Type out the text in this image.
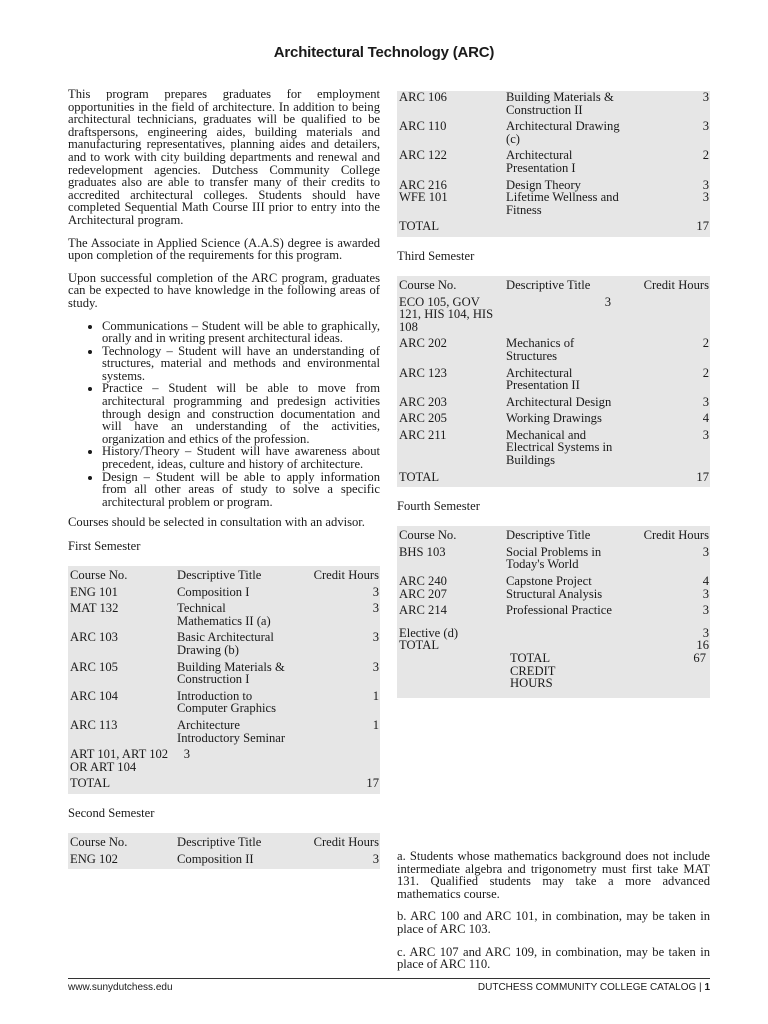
Architectural Technology (ARC)

This program prepares graduates for employment opportunities in the field of architecture. In addition to being architectural technicians, graduates will be qualified to be draftspersons, engineering aides, building materials and manufacturing representatives, planning aides and detailers, and to work with city building departments and renewal and redevelopment agencies. Dutchess Community College graduates also are able to transfer many of their credits to accredited architectural colleges. Students should have completed Sequential Math Course III prior to entry into the Architectural program.

The Associate in Applied Science (A.A.S) degree is awarded upon completion of the requirements for this program.

Upon successful completion of the ARC program, graduates can be expected to have knowledge in the following areas of study.

• Communications – Student will be able to graphically, orally and in writing present architectural ideas.
• Technology – Student will have an understanding of structures, material and methods and environmental systems.
• Practice – Student will be able to move from architectural programming and predesign activities through design and construction documentation and will have an understanding of the activities, organization and ethics of the profession.
• History/Theory – Student will have awareness about precedent, ideas, culture and history of architecture.
• Design – Student will be able to apply information from all other areas of study to solve a specific architectural problem or program.

Courses should be selected in consultation with an advisor.

First Semester
Course No.	Descriptive Title	Credit Hours
ENG 101	Composition I	3
MAT 132	Technical Mathematics II (a)	3
ARC 103	Basic Architectural Drawing (b)	3
ARC 105	Building Materials & Construction I	3
ARC 104	Introduction to Computer Graphics	1
ARC 113	Architecture Introductory Seminar	1
ART 101, ART 102 OR ART 104	3	
TOTAL		17
Second Semester
Course No.	Descriptive Title	Credit Hours
ENG 102	Composition II	3
ARC 106	Building Materials & Construction II	3
ARC 110	Architectural Drawing (c)	3
ARC 122	Architectural Presentation I	2
ARC 216	Design Theory	3
WFE 101	Lifetime Wellness and Fitness	3
TOTAL		17
Third Semester
Course No.	Descriptive Title	Credit Hours
ECO 105, GOV 121, HIS 104, HIS 108	3	
ARC 202	Mechanics of Structures	2
ARC 123	Architectural Presentation II	2
ARC 203	Architectural Design	3
ARC 205	Working Drawings	4
ARC 211	Mechanical and Electrical Systems in Buildings	3
TOTAL		17
Fourth Semester
Course No.	Descriptive Title	Credit Hours
BHS 103	Social Problems in Today's World	3
ARC 240	Capstone Project	4
ARC 207	Structural Analysis	3
ARC 214	Professional Practice	3
Elective (d)		3
TOTAL		16
	TOTAL CREDIT HOURS	67

a. Students whose mathematics background does not include intermediate algebra and trigonometry must first take MAT 131. Qualified students may take a more advanced mathematics course.

b. ARC 100 and ARC 101, in combination, may be taken in place of ARC 103.

c. ARC 107 and ARC 109, in combination, may be taken in place of ARC 110.

www.sunydutchess.edu	DUTCHESS COMMUNITY COLLEGE CATALOG | 1
